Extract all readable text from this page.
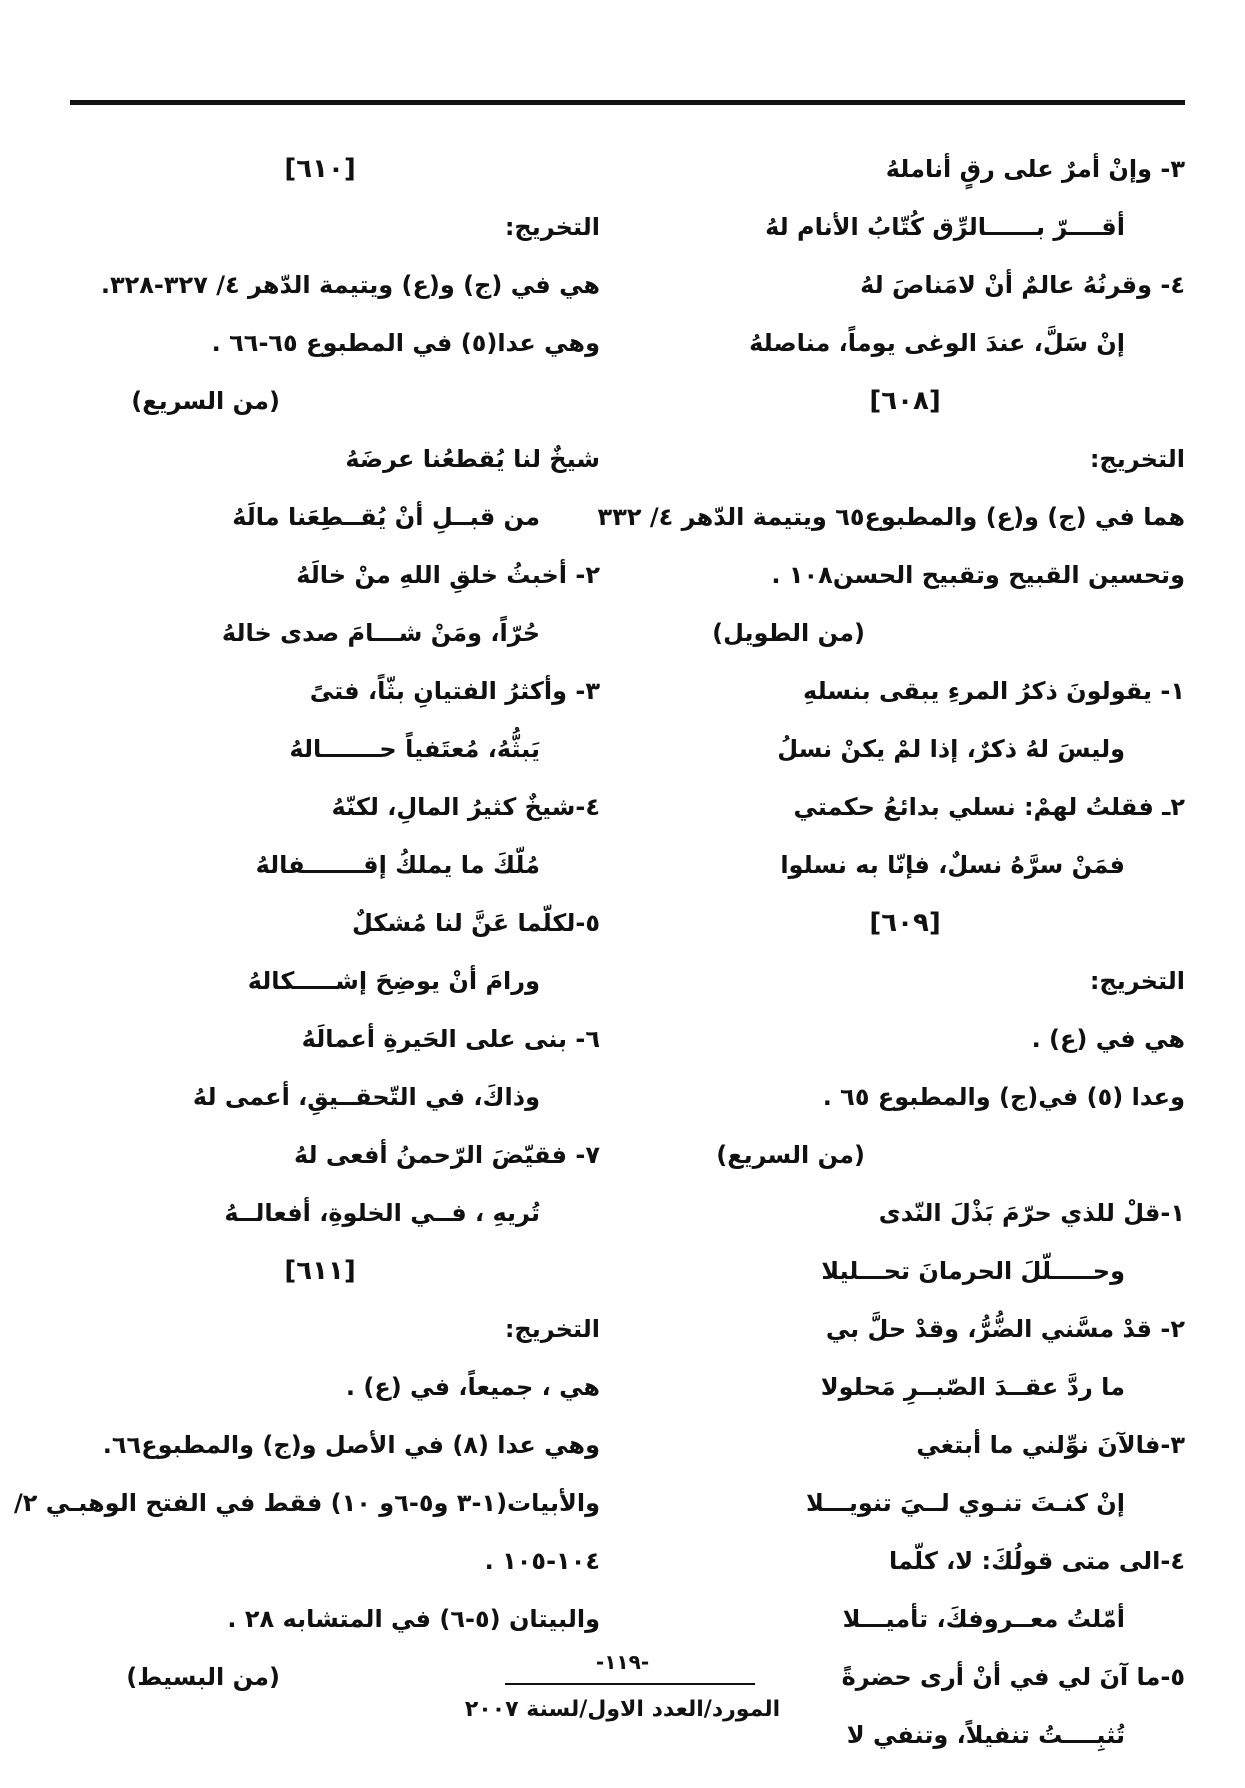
٣- وإنْ أمرٌ على رقٍ أناملهُ
أقــــرّ بــــــالرِّق كُتّابُ الأنام لهُ
٤- وقرنُهُ عالمٌ أنْ لامَناصَ لهُ
إنْ سَلَّ، عندَ الوغى يوماً، مناصلهُ
[٦٠٨]
التخريج:
هما في (ج) و(ع) والمطبوع٦٥ ويتيمة الدّهر ٤/ ٣٣٢
وتحسين القبيح وتقبيح الحسن١٠٨ .
(من الطويل)
١- يقولونَ ذكرُ المرءِ يبقى بنسلهِ
وليسَ لهُ ذكرٌ، إذا لمْ يكنْ نسلُ
٢ـ فقلتُ لهمْ: نسلي بدائعُ حكمتي
فمَنْ سرَّهُ نسلٌ، فإنّا به نسلوا
[٦٠٩]
التخريج:
هي في (ع) .
وعدا (٥) في(ج) والمطبوع ٦٥ .
(من السريع)
١-قلْ للذي حرّمَ بَذْلَ النّدى
وحـــــلّلَ الحرمانَ تحـــليلا
٢- قدْ مسَّني الضُّرُّ، وقدْ حلَّ بي
ما ردَّ عقــدَ الصّبــرِ مَحلولا
٣-فالآنَ نوِّلني ما أبتغي
إنْ كنـتَ تنـوي لــيَ تنويـــلا
٤-الى متى قولُكَ: لا، كلّما
أمّلتُ معــروفكَ، تأميـــلا
٥-ما آنَ لي في أنْ أرى حضرةً
تُثبِــــتُ تنفيلاً، وتنفي لا
[٦١٠]
التخريج:
هي في (ج) و(ع) ويتيمة الدّهر ٤/ ٣٢٧-٣٢٨.
وهي عدا(٥) في المطبوع ٦٥-٦٦ .
(من السريع)
شيخٌ لنا يُقطعُنا عرضَهُ
من قبــلِ أنْ يُقــطِعَنا مالَهُ
٢- أخبثُ خلقِ اللهِ منْ خالَهُ
حُرّاً، ومَنْ شـــامَ صدى خالهُ
٣- وأكثرُ الفتيانِ بثّاً، فتىً
يَبثُّهُ، مُعتَفياً حـــــــالهُ
٤-شيخٌ كثيرُ المالِ، لكنّهُ
مُلّكَ ما يملكُ إقـــــــفالهُ
٥-لكلّما عَنَّ لنا مُشكلٌ
ورامَ أنْ يوضِحَ إشـــــكالهُ
٦- بنى على الحَيرةِ أعمالَهُ
وذاكَ، في التّحقــيقِ، أعمى لهُ
٧- فقيّضَ الرّحمنُ أفعى لهُ
تُريهِ ، فــي الخلوةِ، أفعالــهُ
[٦١١]
التخريج:
هي ، جميعاً، في (ع) .
وهي عدا (٨) في الأصل و(ج) والمطبوع٦٦.
والأبيات(١-٣ و٥-٦و ١٠) فقط في الفتح الوهبـي ٢/
١٠٤-١٠٥ .
والبيتان (٥-٦) في المتشابه ٢٨ .
(من البسيط)
-١١٩-
المورد/العدد الاول/لسنة ٢٠٠٧
